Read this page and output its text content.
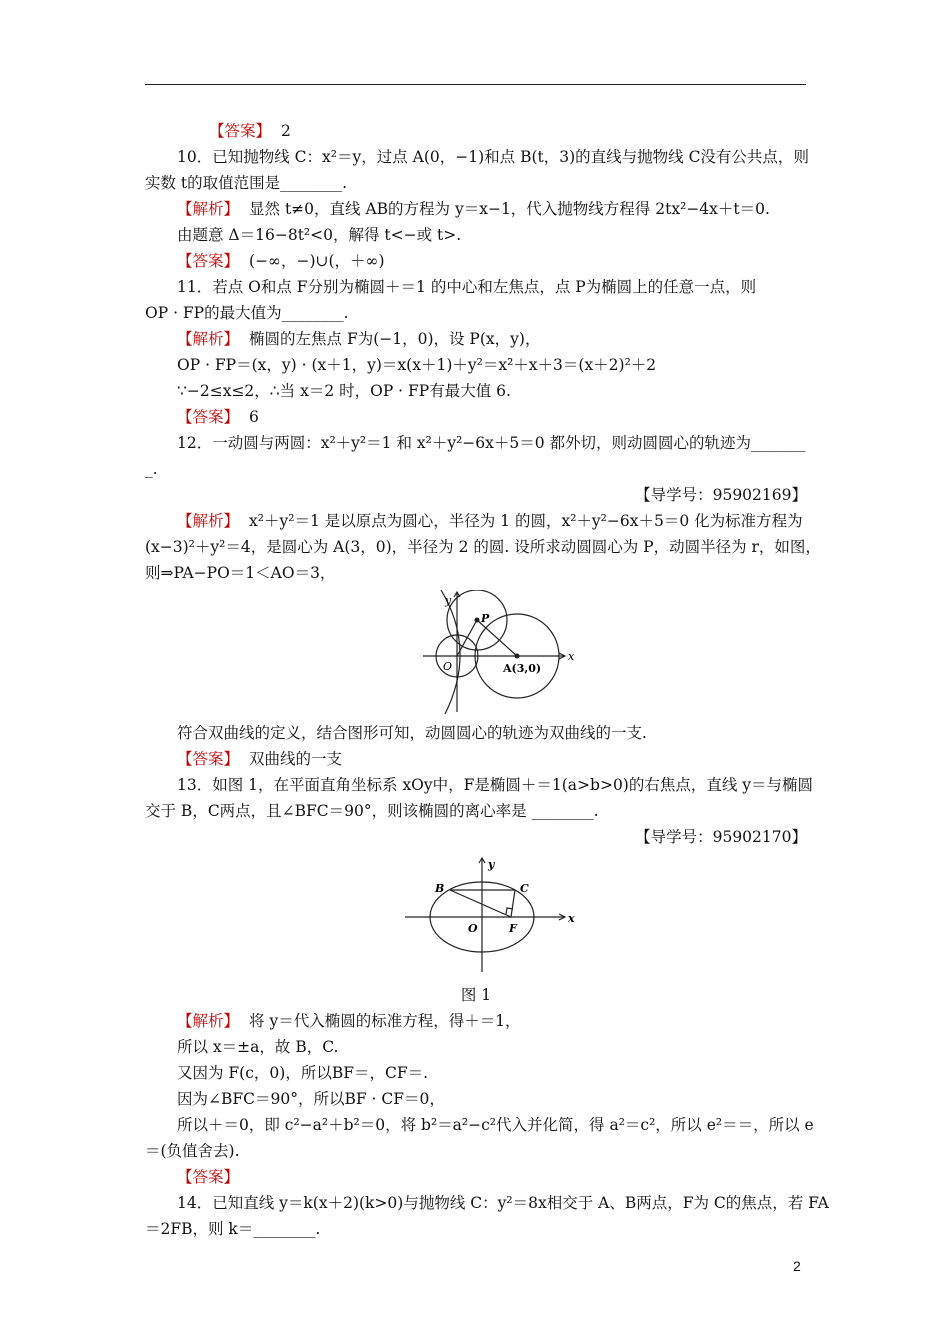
【答案】 2
10．已知抛物线 C：x²＝y，过点 A(0，−1)和点 B(t，3)的直线与抛物线 C没有公共点，则
实数 t的取值范围是________.
【解析】 显然 t≠0，直线 AB的方程为 y＝x−1，代入抛物线方程得 2tx²−4x＋t＝0.
由题意 Δ＝16−8t²<0，解得 t<−或 t>.
【答案】 (−∞，−)∪(，＋∞)
11．若点 O和点 F分别为椭圆＋＝1 的中心和左焦点，点 P为椭圆上的任意一点，则
OP · FP的最大值为________.
【解析】 椭圆的左焦点 F为(−1，0)，设 P(x，y)，
OP · FP＝(x，y) · (x＋1，y)＝x(x＋1)＋y²＝x²＋x＋3＝(x＋2)²＋2
∵−2≤x≤2，∴当 x＝2 时，OP · FP有最大值 6.
【答案】 6
12．一动圆与两圆：x²＋y²＝1 和 x²＋y²−6x＋5＝0 都外切，则动圆圆心的轨迹为_______
_.
【导学号：95902169】
【解析】 x²＋y²＝1 是以原点为圆心，半径为 1 的圆，x²＋y²−6x＋5＝0 化为标准方程为
(x−3)²＋y²＝4，是圆心为 A(3，0)，半径为 2 的圆. 设所求动圆圆心为 P，动圆半径为 r，如图，
则⇒PA−PO＝1＜AO＝3，
y
x
O
P
A(3,0)
符合双曲线的定义，结合图形可知，动圆圆心的轨迹为双曲线的一支.
【答案】 双曲线的一支
13．如图 1，在平面直角坐标系 xOy中，F是椭圆＋＝1(a>b>0)的右焦点，直线 y＝与椭圆
交于 B，C两点，且∠BFC＝90°，则该椭圆的离心率是 ________.
【导学号：95902170】
y
x
O
B	C
F
图 1
【解析】 将 y＝代入椭圆的标准方程，得＋＝1，
所以 x＝±a，故 B，C.
又因为 F(c，0)，所以BF＝，CF＝.
因为∠BFC＝90°，所以BF · CF＝0，
所以＋＝0，即 c²−a²＋b²＝0，将 b²＝a²−c²代入并化简，得 a²＝c²，所以 e²＝＝，所以 e
＝(负值舍去).
【答案】
14．已知直线 y＝k(x＋2)(k>0)与抛物线 C：y²＝8x相交于 A、B两点，F为 C的焦点，若 FA
＝2FB，则 k＝________.
2
